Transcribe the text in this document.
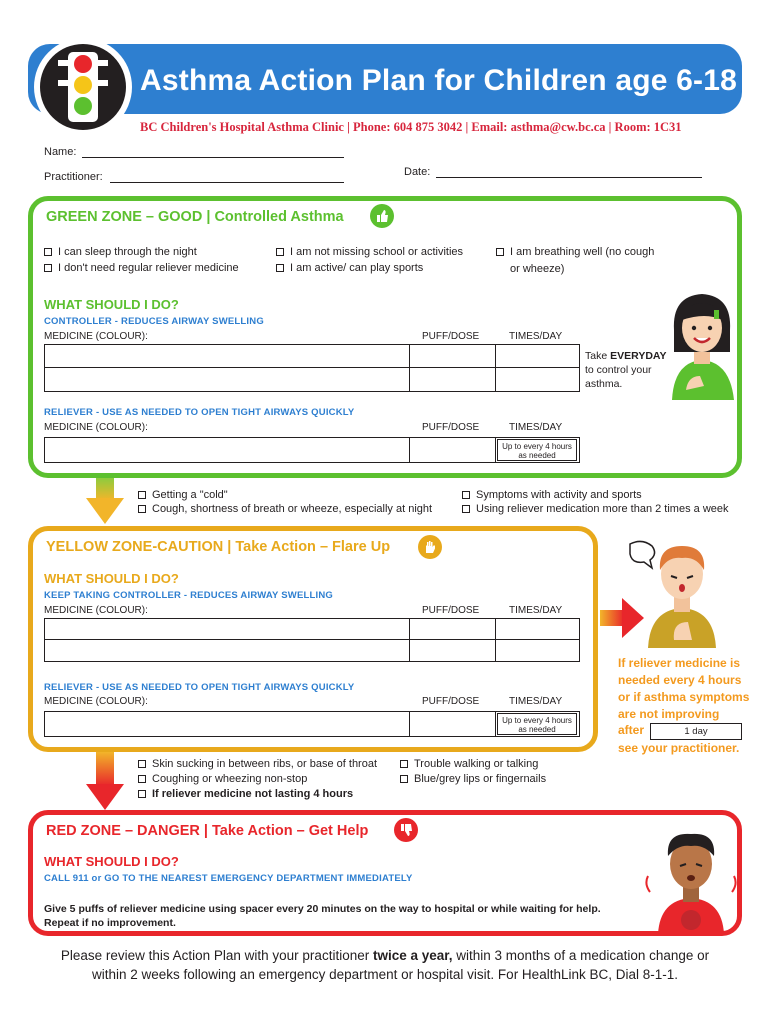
Asthma Action Plan for Children age 6-18
BC Children's Hospital Asthma Clinic | Phone: 604 875 3042 | Email: asthma@cw.bc.ca | Room: 1C31
Name:
Practitioner:	Date:
GREEN ZONE – GOOD | Controlled Asthma
I can sleep through the night
I don't need regular reliever medicine
I am not missing school or activities
I am active/ can play sports
I am breathing well (no cough
or wheeze)
WHAT SHOULD I DO?
CONTROLLER - REDUCES AIRWAY SWELLING
MEDICINE (COLOUR):	PUFF/DOSE	TIMES/DAY
Take EVERYDAY
to control your
asthma.
RELIEVER - USE AS NEEDED TO OPEN TIGHT AIRWAYS QUICKLY
MEDICINE (COLOUR):	PUFF/DOSE	TIMES/DAY
Up to every 4 hours
as needed
Getting a "cold"
Cough, shortness of breath or wheeze, especially at night
Symptoms with activity and sports
Using reliever medication more than 2 times a week
YELLOW ZONE-CAUTION | Take Action – Flare Up
WHAT SHOULD I DO?
KEEP TAKING CONTROLLER - REDUCES AIRWAY SWELLING
MEDICINE (COLOUR):	PUFF/DOSE	TIMES/DAY
RELIEVER - USE AS NEEDED TO OPEN TIGHT AIRWAYS QUICKLY
MEDICINE (COLOUR):	PUFF/DOSE	TIMES/DAY
Up to every 4 hours
as needed
If reliever medicine is
needed every 4 hours
or if asthma symptoms
are not improving
after	1 day
see your practitioner.
Skin sucking in between ribs, or base of throat
Coughing or wheezing non-stop
If reliever medicine not lasting 4 hours
Trouble walking or talking
Blue/grey lips or fingernails
RED ZONE – DANGER | Take Action – Get Help
WHAT SHOULD I DO?
CALL 911 or GO TO THE NEAREST EMERGENCY DEPARTMENT IMMEDIATELY
Give 5 puffs of reliever medicine using spacer every 20 minutes on the way to hospital or while waiting for help.
Repeat if no improvement.
Please review this Action Plan with your practitioner twice a year, within 3 months of a medication change or
within 2 weeks following an emergency department or hospital visit. For HealthLink BC, Dial 8-1-1.
